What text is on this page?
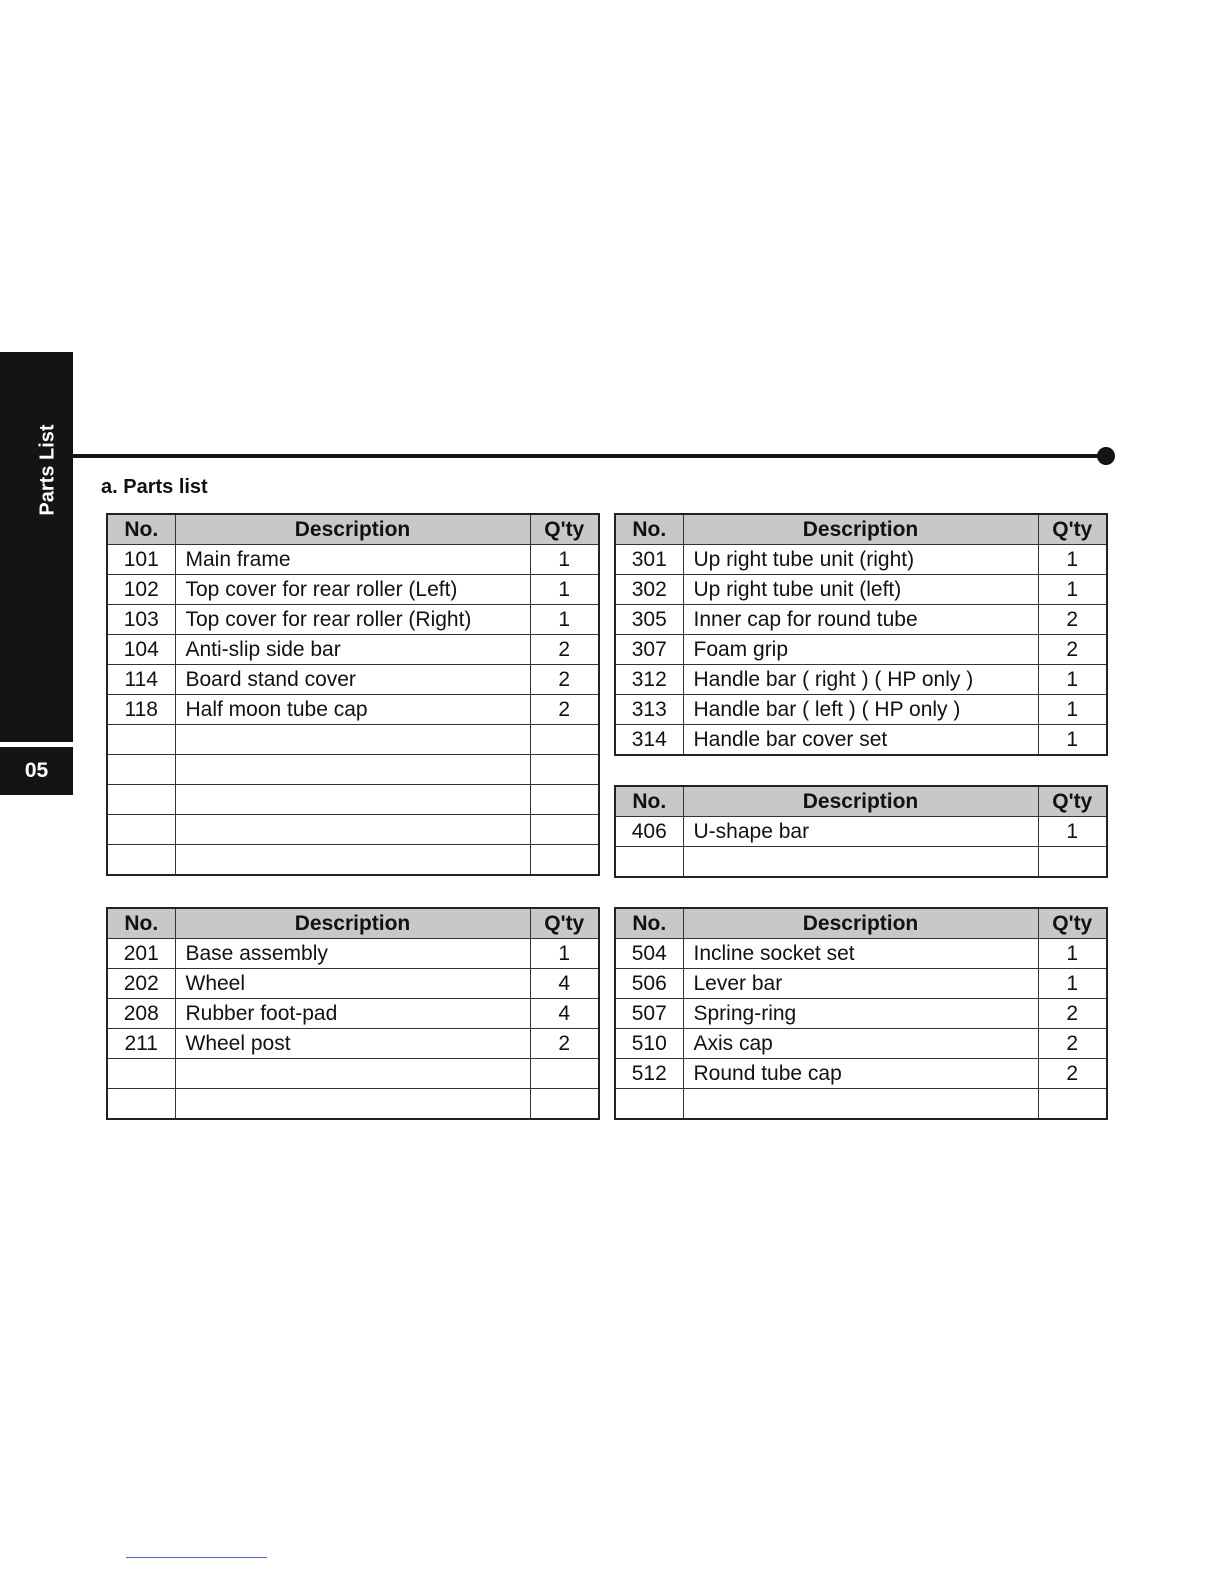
Parts List
05
a. Parts list
No.	Description	Q'ty
101	Main frame	1
102	Top cover for rear roller (Left)	1
103	Top cover for rear roller (Right)	1
104	Anti-slip side bar	2
114	Board stand cover	2
118	Half moon tube cap	2

No.	Description	Q'ty
301	Up right tube unit (right)	1
302	Up right tube unit (left)	1
305	Inner cap for round tube	2
307	Foam grip	2
312	Handle bar ( right ) ( HP only )	1
313	Handle bar ( left ) ( HP only )	1
314	Handle bar cover set	1
No.	Description	Q'ty
406	U-shape bar	1

No.	Description	Q'ty
201	Base assembly	1
202	Wheel	4
208	Rubber foot-pad	4
211	Wheel post	2

No.	Description	Q'ty
504	Incline socket set	1
506	Lever bar	1
507	Spring-ring	2
510	Axis cap	2
512	Round tube cap	2
